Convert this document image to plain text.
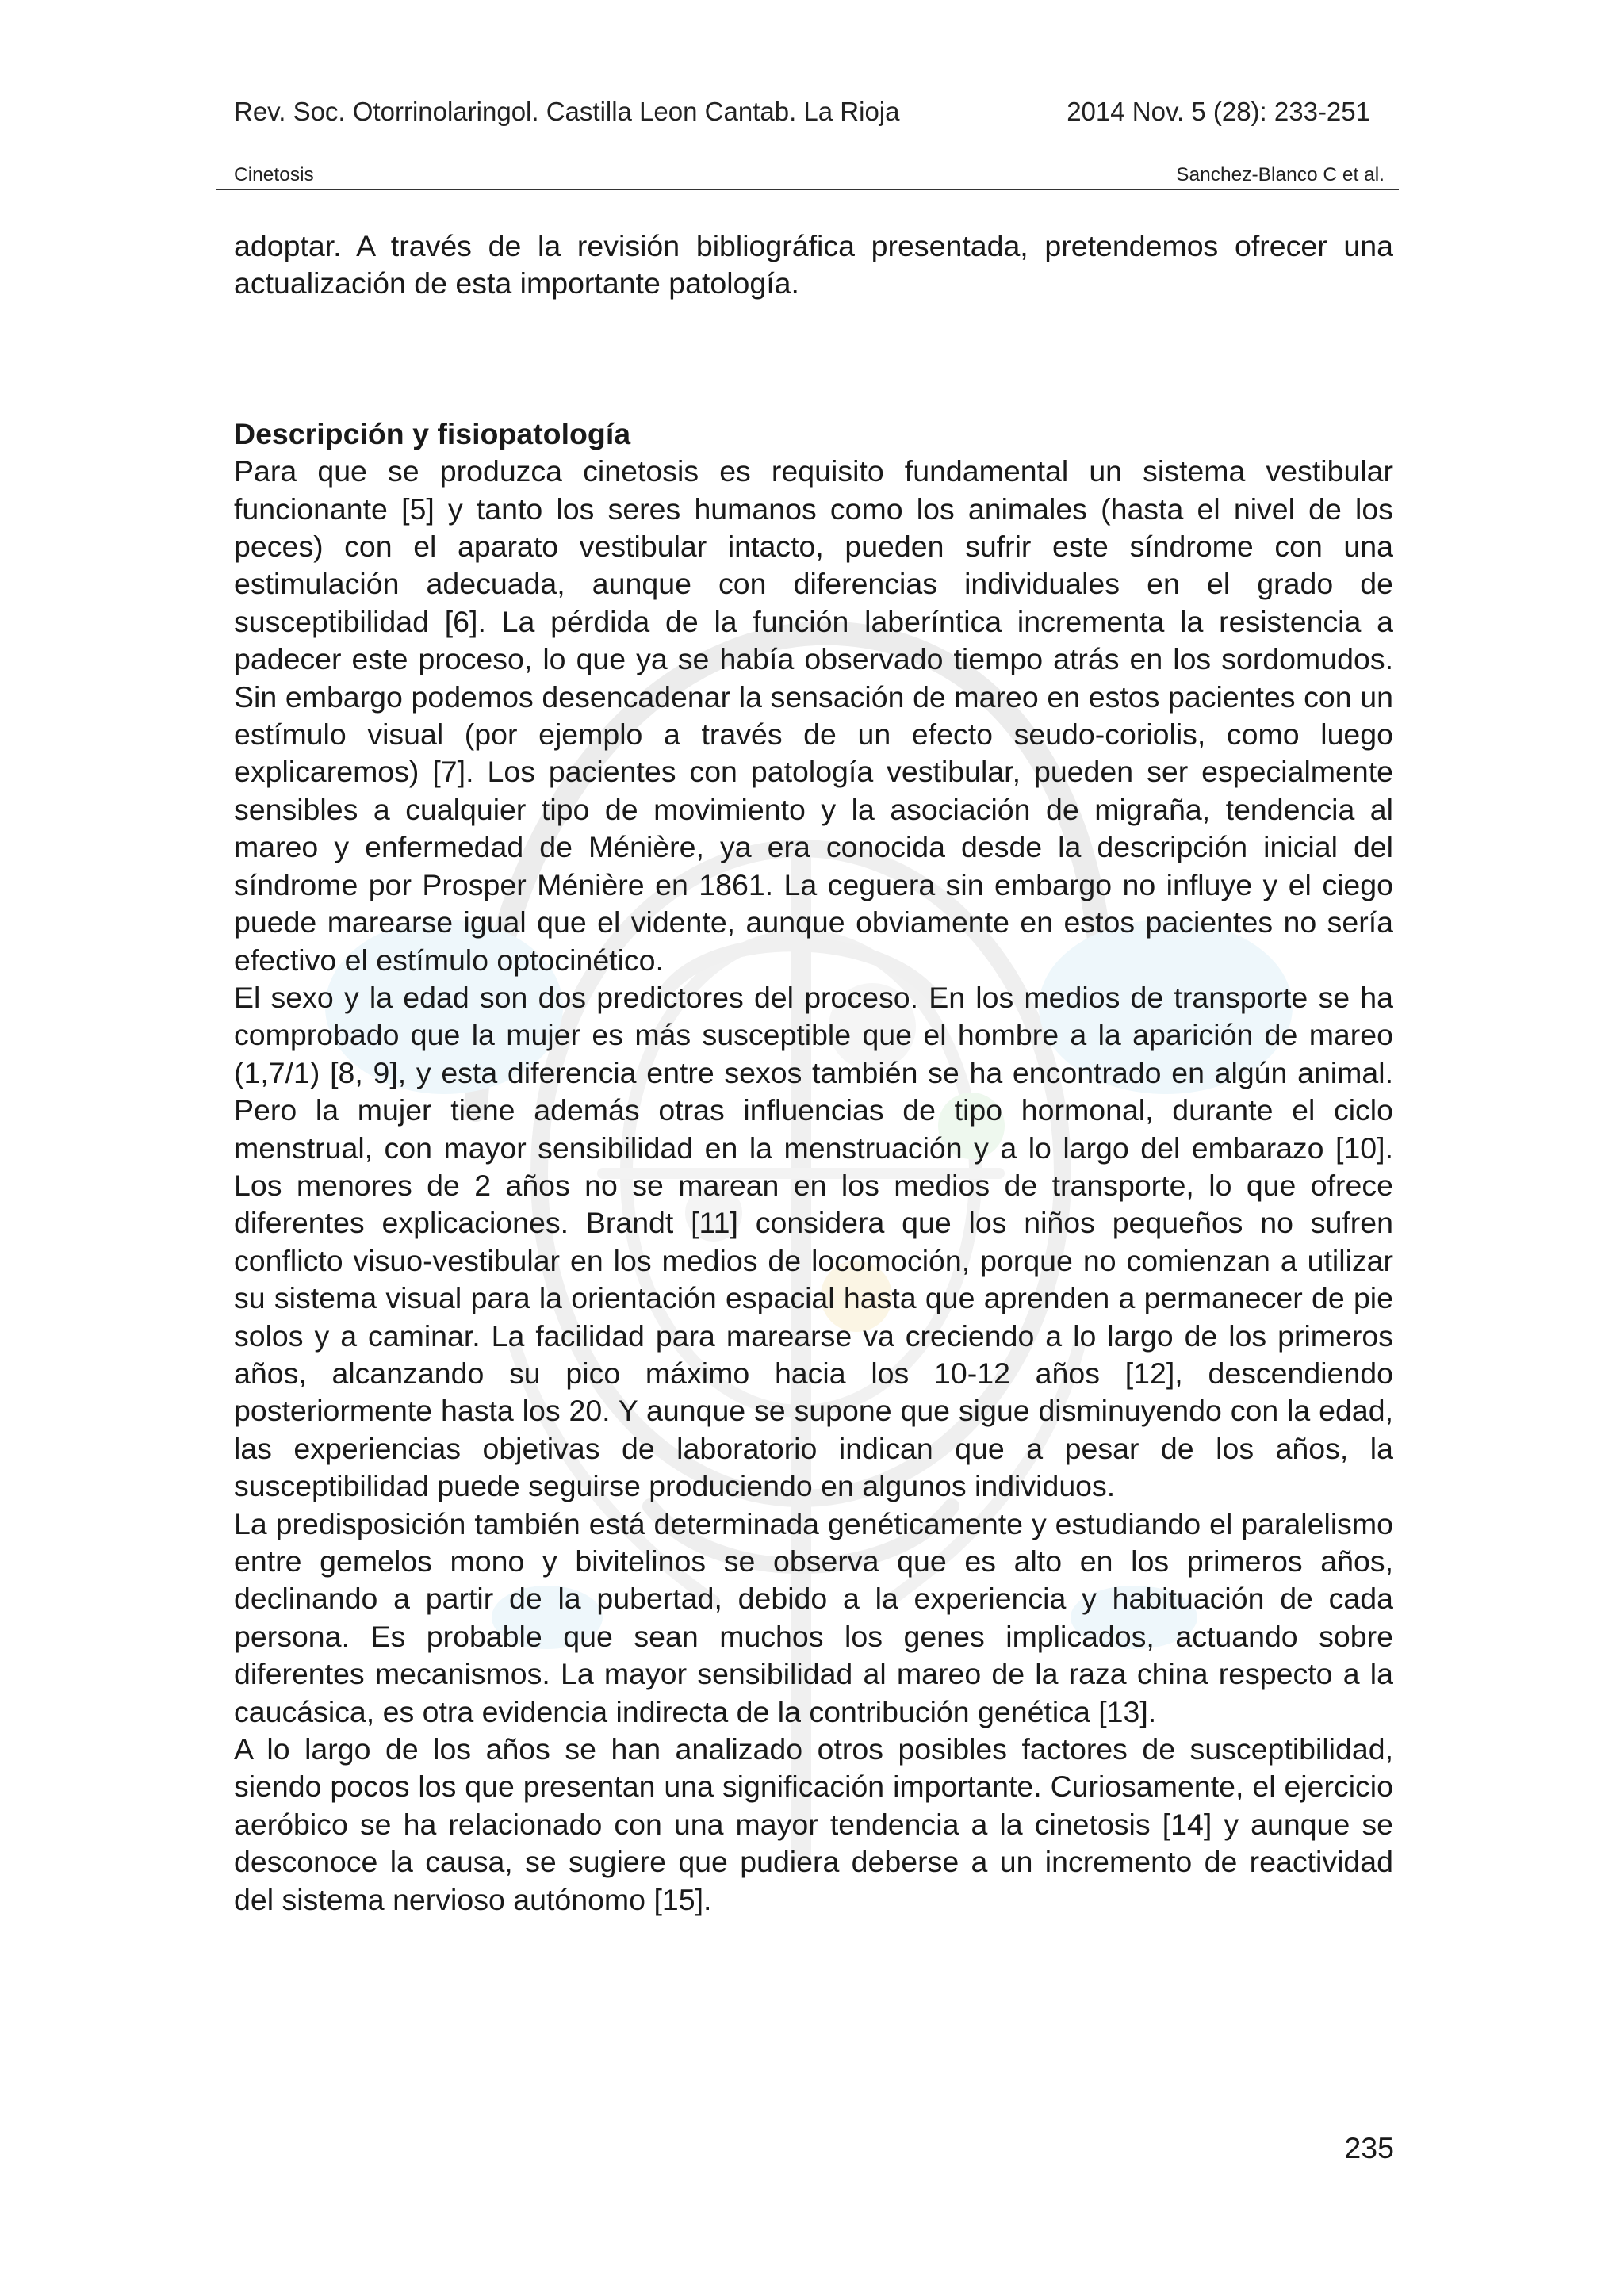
Rev. Soc. Otorrinolaringol. Castilla Leon Cantab. La Rioja	2014 Nov. 5 (28): 233-251
Cinetosis	Sanchez-Blanco C et al.

adoptar. A través de la revisión bibliográfica presentada, pretendemos ofrecer una actualización de esta importante patología.

Descripción y fisiopatología

Para que se produzca cinetosis es requisito fundamental un sistema vestibular funcionante [5] y tanto los seres humanos como los animales (hasta el nivel de los peces) con el aparato vestibular intacto, pueden sufrir este síndrome con una estimulación adecuada, aunque con diferencias individuales en el grado de susceptibilidad [6]. La pérdida de la función laberíntica incrementa la resistencia a padecer este proceso, lo que ya se había observado tiempo atrás en los sordomudos. Sin embargo podemos desencadenar la sensación de mareo en estos pacientes con un estímulo visual (por ejemplo a través de un efecto seudo-coriolis, como luego explicaremos) [7]. Los pacientes con patología vestibular, pueden ser especialmente sensibles a cualquier tipo de movimiento y la asociación de migraña, tendencia al mareo y enfermedad de Ménière, ya era conocida desde la descripción inicial del síndrome por Prosper Ménière en 1861. La ceguera sin embargo no influye y el ciego puede marearse igual que el vidente, aunque obviamente en estos pacientes no sería efectivo el estímulo optocinético.

El sexo y la edad son dos predictores del proceso. En los medios de transporte se ha comprobado que la mujer es más susceptible que el hombre a la aparición de mareo (1,7/1) [8, 9], y esta diferencia entre sexos también se ha encontrado en algún animal. Pero la mujer tiene además otras influencias de tipo hormonal, durante el ciclo menstrual, con mayor sensibilidad en la menstruación y a lo largo del embarazo [10]. Los menores de 2 años no se marean en los medios de transporte, lo que ofrece diferentes explicaciones. Brandt [11] considera que los niños pequeños no sufren conflicto visuo-vestibular en los medios de locomoción, porque no comienzan a utilizar su sistema visual para la orientación espacial hasta que aprenden a permanecer de pie solos y a caminar. La facilidad para marearse va creciendo a lo largo de los primeros años, alcanzando su pico máximo hacia los 10-12 años [12], descendiendo posteriormente hasta los 20. Y aunque se supone que sigue disminuyendo con la edad, las experiencias objetivas de laboratorio indican que a pesar de los años, la susceptibilidad puede seguirse produciendo en algunos individuos.

La predisposición también está determinada genéticamente y estudiando el paralelismo entre gemelos mono y bivitelinos se observa que es alto en los primeros años, declinando a partir de la pubertad, debido a la experiencia y habituación de cada persona. Es probable que sean muchos los genes implicados, actuando sobre diferentes mecanismos. La mayor sensibilidad al mareo de la raza china respecto a la caucásica, es otra evidencia indirecta de la contribución genética [13].

A lo largo de los años se han analizado otros posibles factores de susceptibilidad, siendo pocos los que presentan una significación importante. Curiosamente, el ejercicio aeróbico se ha relacionado con una mayor tendencia a la cinetosis [14] y aunque se desconoce la causa, se sugiere que pudiera deberse a un incremento de reactividad del sistema nervioso autónomo [15].

235
